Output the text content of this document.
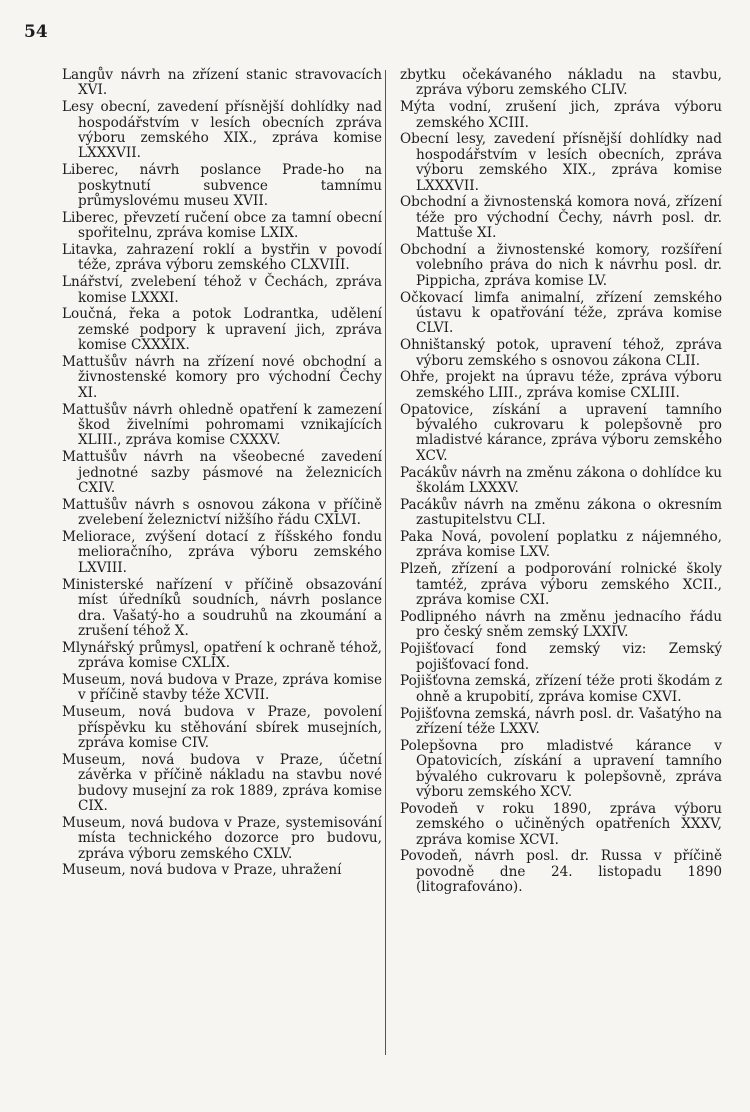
54

Langův návrh na zřízení stanic stravovacích XVI.

Lesy obecní, zavedení přísnější dohlídky nad hospodářstvím v lesích obecních zpráva výboru zemského XIX., zpráva komise LXXXVII.

Liberec, návrh poslance Prade-ho na poskytnutí subvence tamnímu průmyslovému museu XVII.

Liberec, převzetí ručení obce za tamní obecní spořitelnu, zpráva komise LXIX.

Litavka, zahrazení roklí a bystřin v povodí téže, zpráva výboru zemského CLXVIII.

Lnářství, zvelebení téhož v Čechách, zpráva komise LXXXI.

Loučná, řeka a potok Lodrantka, udělení zemské podpory k upravení jich, zpráva komise CXXXIX.

Mattušův návrh na zřízení nové obchodní a živnostenské komory pro východní Čechy XI.

Mattušův návrh ohledně opatření k zamezení škod živelními pohromami vznikajících XLIII., zpráva komise CXXXV.

Mattušův návrh na všeobecné zavedení jednotné sazby pásmové na železnicích CXIV.

Mattušův návrh s osnovou zákona v příčině zvelebení železnictví nižšího řádu CXLVI.

Meliorace, zvýšení dotací z říšského fondu melioračního, zpráva výboru zemského LXVIII.

Ministerské nařízení v příčině obsazování míst úředníků soudních, návrh poslance dra. Vašatý-ho a soudruhů na zkoumání a zrušení téhož X.

Mlynářský průmysl, opatření k ochraně téhož, zpráva komise CXLIX.

Museum, nová budova v Praze, zpráva komise v příčině stavby téže XCVII.

Museum, nová budova v Praze, povolení příspěvku ku stěhování sbírek musejních, zpráva komise CIV.

Museum, nová budova v Praze, účetní závěrka v příčině nákladu na stavbu nové budovy musejní za rok 1889, zpráva komise CIX.

Museum, nová budova v Praze, systemisování místa technického dozorce pro budovu, zpráva výboru zemského CXLV.

Museum, nová budova v Praze, uhražení

zbytku očekávaného nákladu na stavbu, zpráva výboru zemského CLIV.

Mýta vodní, zrušení jich, zpráva výboru zemského XCIII.

Obecní lesy, zavedení přísnější dohlídky nad hospodářstvím v lesích obecních, zpráva výboru zemského XIX., zpráva komise LXXXVII.

Obchodní a živnostenská komora nová, zřízení téže pro východní Čechy, návrh posl. dr. Mattuše XI.

Obchodní a živnostenské komory, rozšíření volebního práva do nich k návrhu posl. dr. Pippicha, zpráva komise LV.

Očkovací limfa animalní, zřízení zemského ústavu k opatřování téže, zpráva komise CLVI.

Ohništanský potok, upravení téhož, zpráva výboru zemského s osnovou zákona CLII.

Ohře, projekt na úpravu téže, zpráva výboru zemského LIII., zpráva komise CXLIII.

Opatovice, získání a upravení tamního bývalého cukrovaru k polepšovně pro mladistvé kárance, zpráva výboru zemského XCV.

Pacákův návrh na změnu zákona o dohlídce ku školám LXXXV.

Pacákův návrh na změnu zákona o okresním zastupitelstvu CLI.

Paka Nová, povolení poplatku z nájemného, zpráva komise LXV.

Plzeň, zřízení a podporování rolnické školy tamtéž, zpráva výboru zemského XCII., zpráva komise CXI.

Podlipného návrh na změnu jednacího řádu pro český sněm zemský LXXIV.

Pojišťovací fond zemský viz: Zemský pojišťovací fond.

Pojišťovna zemská, zřízení téže proti škodám z ohně a krupobití, zpráva komise CXVI.

Pojišťovna zemská, návrh posl. dr. Vašatýho na zřízení téže LXXV.

Polepšovna pro mladistvé kárance v Opatovicích, získání a upravení tamního bývalého cukrovaru k polepšovně, zpráva výboru zemského XCV.

Povodeň v roku 1890, zpráva výboru zemského o učiněných opatřeních XXXV, zpráva komise XCVI.

Povodeň, návrh posl. dr. Russa v příčině povodně dne 24. listopadu 1890 (litografováno).
